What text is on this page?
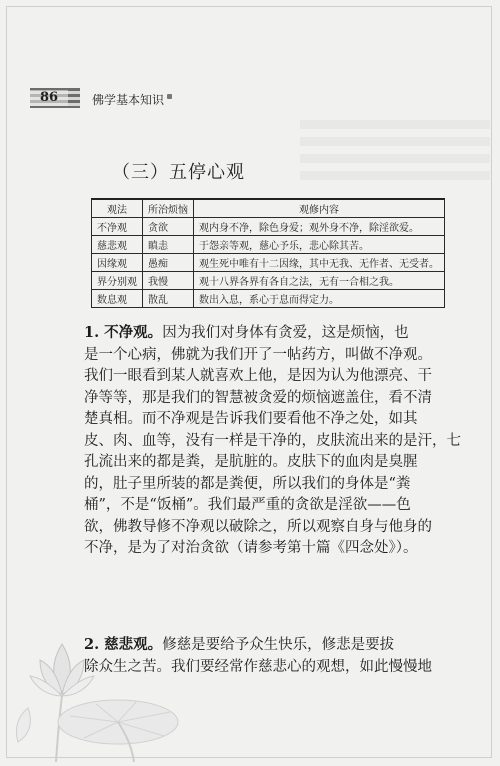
86	佛学基本知识
（三）五停心观
观法	所治烦恼	观修内容
不净观	贪欲	观内身不净，除色身爱；观外身不净，除淫欲爱。
慈悲观	瞋恚	于怨亲等观，慈心予乐，悲心除其苦。
因缘观	愚痴	观生死中唯有十二因缘，其中无我、无作者、无受者。
界分别观	我慢	观十八界各界有各自之法，无有一合相之我。
数息观	散乱	数出入息，系心于息而得定力。
1. 不净观。因为我们对身体有贪爱，这是烦恼，也
是一个心病，佛就为我们开了一帖药方，叫做不净观。
我们一眼看到某人就喜欢上他，是因为认为他漂亮、干
净等等，那是我们的智慧被贪爱的烦恼遮盖住，看不清
楚真相。而不净观是告诉我们要看他不净之处，如其
皮、肉、血等，没有一样是干净的，皮肤流出来的是汗，七
孔流出来的都是粪，是肮脏的。皮肤下的血肉是臭腥
的，肚子里所装的都是粪便，所以我们的身体是“粪
桶”，不是“饭桶”。我们最严重的贪欲是淫欲——色
欲，佛教导修不净观以破除之，所以观察自身与他身的
不净，是为了对治贪欲（请参考第十篇《四念处》）。
2. 慈悲观。修慈是要给予众生快乐，修悲是要拔
除众生之苦。我们要经常作慈悲心的观想，如此慢慢地
